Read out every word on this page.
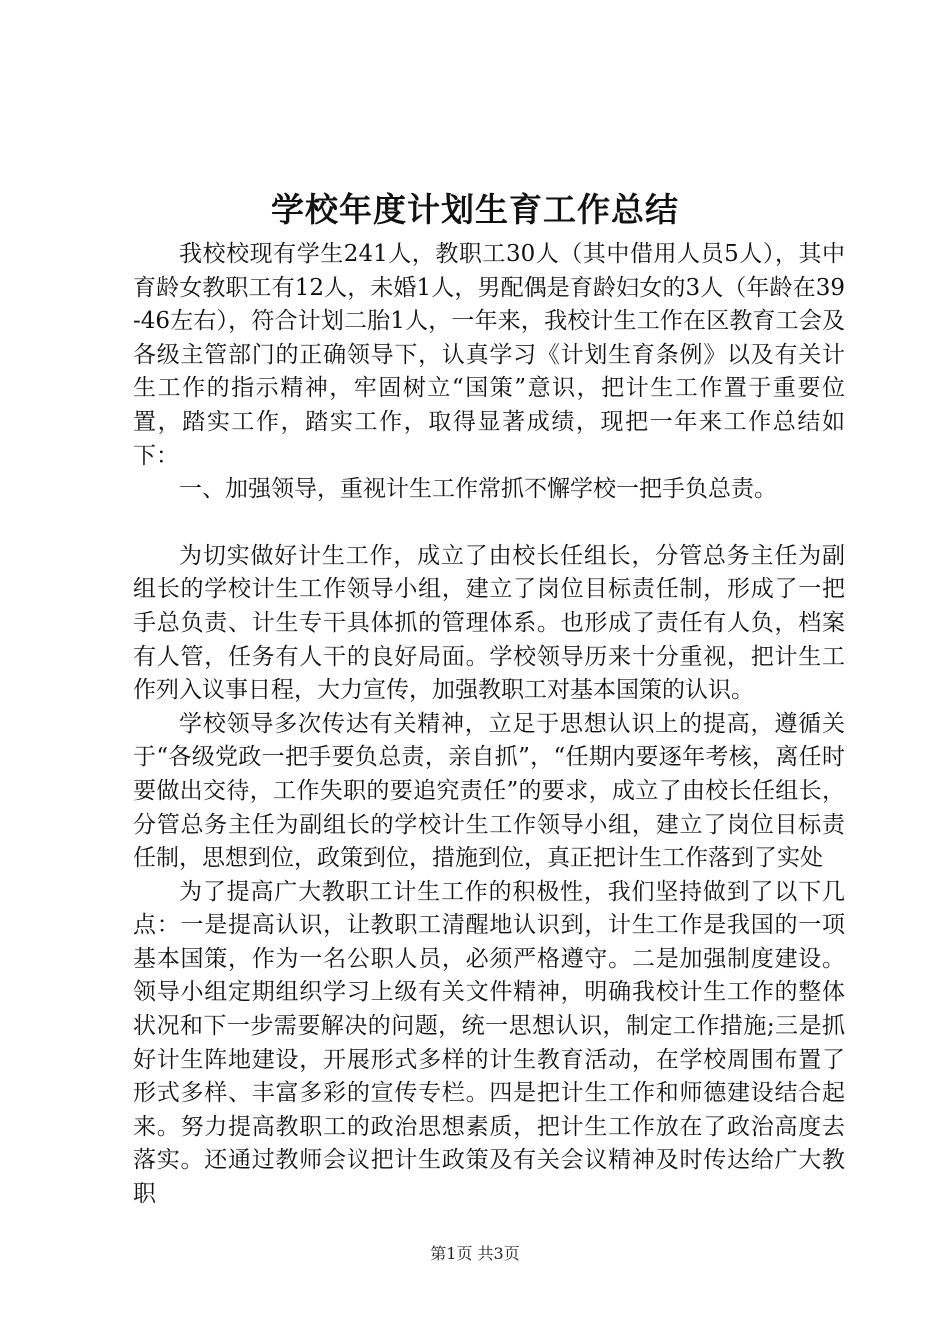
学校年度计划生育工作总结

我校校现有学生241人，教职工30人（其中借用人员5人），其中育龄女教职工有12人，未婚1人，男配偶是育龄妇女的3人（年龄在39-46左右），符合计划二胎1人，一年来，我校计生工作在区教育工会及各级主管部门的正确领导下，认真学习《计划生育条例》以及有关计生工作的指示精神，牢固树立“国策”意识，把计生工作置于重要位置，踏实工作，踏实工作，取得显著成绩，现把一年来工作总结如下：

一、加强领导，重视计生工作常抓不懈学校一把手负总责。

为切实做好计生工作，成立了由校长任组长，分管总务主任为副组长的学校计生工作领导小组，建立了岗位目标责任制，形成了一把手总负责、计生专干具体抓的管理体系。也形成了责任有人负，档案有人管，任务有人干的良好局面。学校领导历来十分重视，把计生工作列入议事日程，大力宣传，加强教职工对基本国策的认识。

学校领导多次传达有关精神，立足于思想认识上的提高，遵循关于“各级党政一把手要负总责，亲自抓”，“任期内要逐年考核，离任时要做出交待，工作失职的要追究责任”的要求，成立了由校长任组长，分管总务主任为副组长的学校计生工作领导小组，建立了岗位目标责任制，思想到位，政策到位，措施到位，真正把计生工作落到了实处

为了提高广大教职工计生工作的积极性，我们坚持做到了以下几点：一是提高认识，让教职工清醒地认识到，计生工作是我国的一项基本国策，作为一名公职人员，必须严格遵守。二是加强制度建设。领导小组定期组织学习上级有关文件精神，明确我校计生工作的整体状况和下一步需要解决的问题，统一思想认识，制定工作措施;三是抓好计生阵地建设，开展形式多样的计生教育活动，在学校周围布置了形式多样、丰富多彩的宣传专栏。四是把计生工作和师德建设结合起来。努力提高教职工的政治思想素质，把计生工作放在了政治高度去落实。还通过教师会议把计生政策及有关会议精神及时传达给广大教职

第1页 共3页
